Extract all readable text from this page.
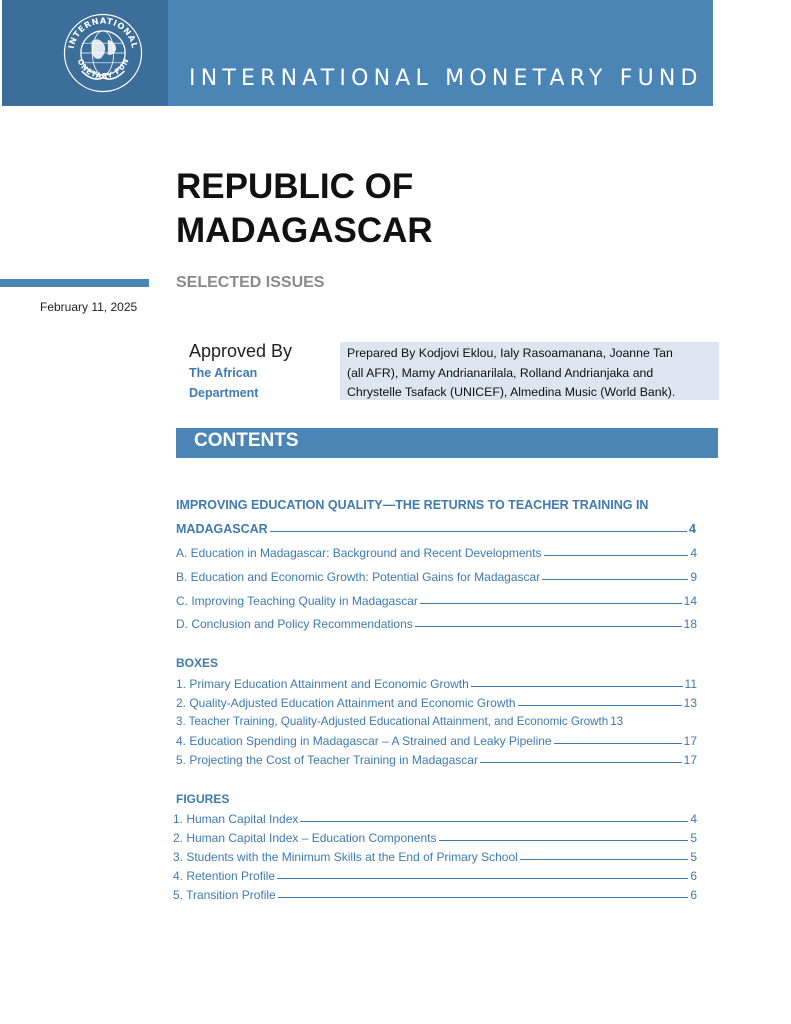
INTERNATIONAL
ONETARY FUN
INTERNATIONAL MONETARY FUND
REPUBLIC OF
MADAGASCAR
SELECTED ISSUES
February 11, 2025
Approved By
The African
Department
Prepared By Kodjovi Eklou, Ialy Rasoamanana, Joanne Tan
(all AFR), Mamy Andrianarilala, Rolland Andrianjaka and
Chrystelle Tsafack (UNICEF), Almedina Music (World Bank).
CONTENTS
IMPROVING EDUCATION QUALITY—THE RETURNS TO TEACHER TRAINING IN
MADAGASCAR	4
A. Education in Madagascar: Background and Recent Developments	4
B. Education and Economic Growth: Potential Gains for Madagascar	9
C. Improving Teaching Quality in Madagascar	14
D. Conclusion and Policy Recommendations	18
BOXES
1. Primary Education Attainment and Economic Growth	11
2. Quality-Adjusted Education Attainment and Economic Growth	13
3. Teacher Training, Quality-Adjusted Educational Attainment, and Economic Growth 13
4. Education Spending in Madagascar – A Strained and Leaky Pipeline	17
5. Projecting the Cost of Teacher Training in Madagascar	17
FIGURES
1. Human Capital Index	4
2. Human Capital Index – Education Components	5
3. Students with the Minimum Skills at the End of Primary School	5
4. Retention Profile	6
5. Transition Profile	6
